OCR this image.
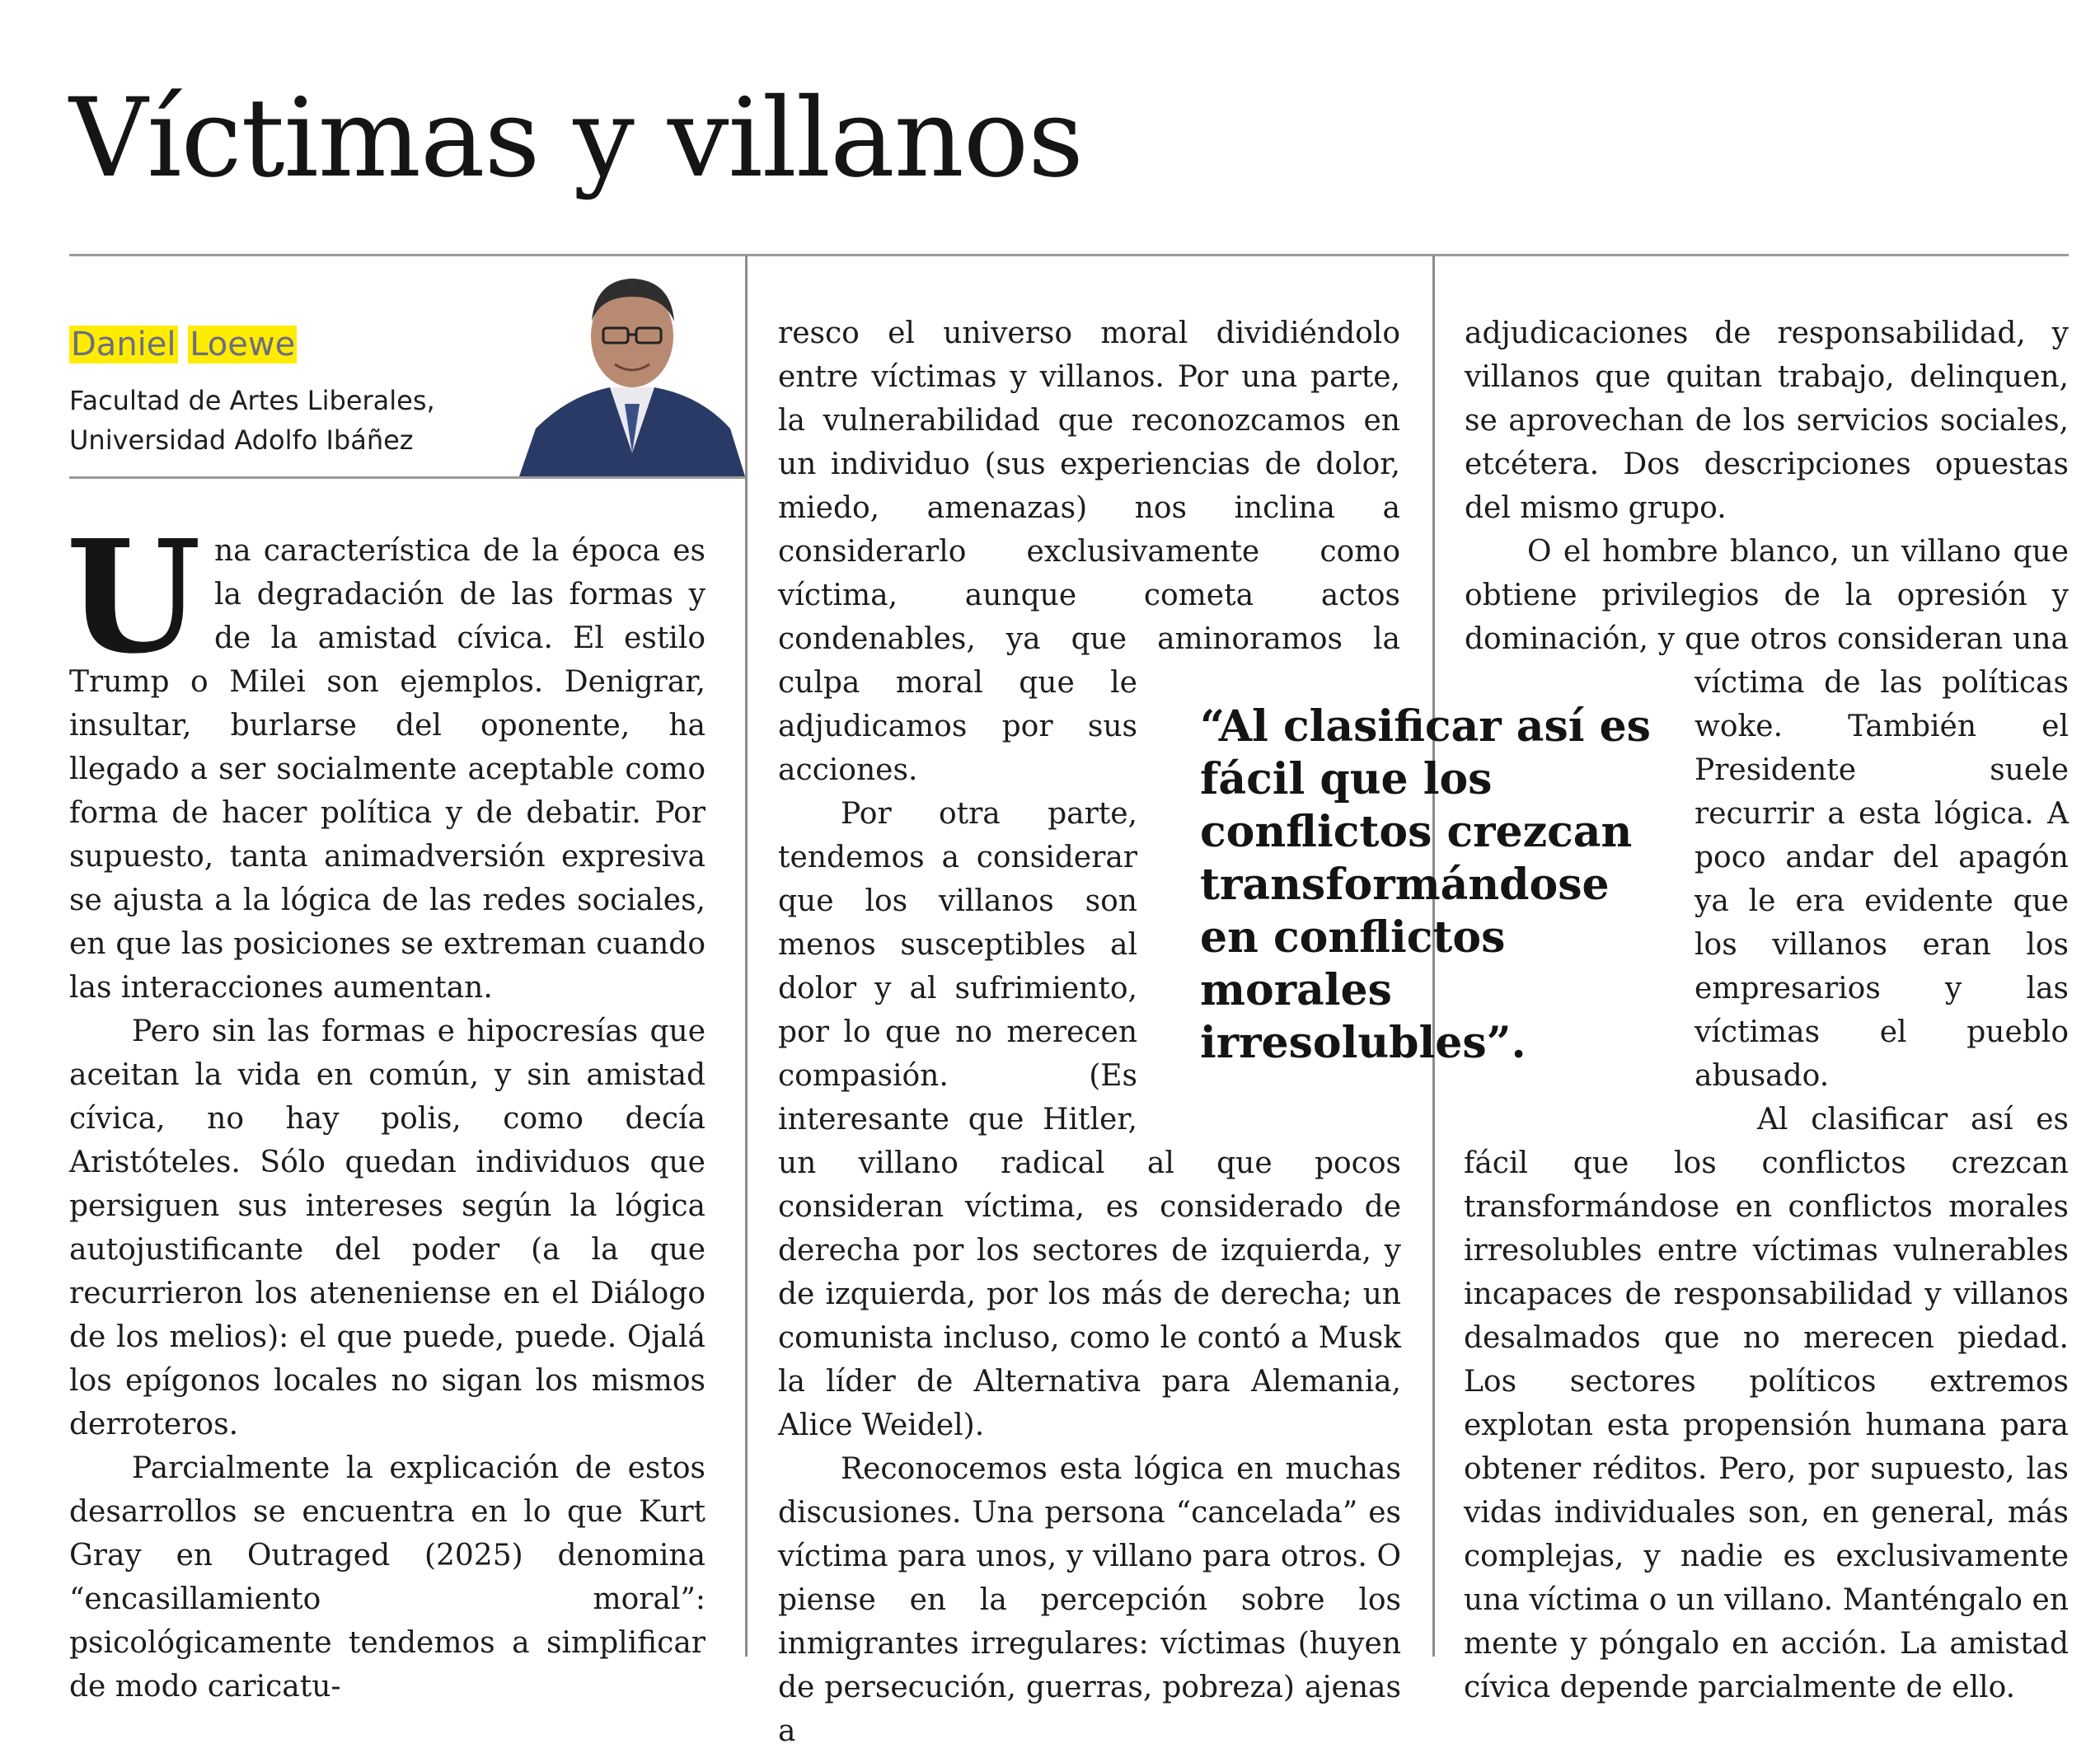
Víctimas y villanos
Daniel Loewe
Facultad de Artes Liberales,
Universidad Adolfo Ibáñez

Una característica de la época es la degradación de las formas y de la amistad cívica. El estilo Trump o Milei son ejemplos. Denigrar, insultar, burlarse del oponente, ha llegado a ser socialmente aceptable como forma de hacer política y de debatir. Por supuesto, tanta animadversión expresiva se ajusta a la lógica de las redes sociales, en que las posiciones se extreman cuando las interacciones aumentan.

Pero sin las formas e hipocresías que aceitan la vida en común, y sin amistad cívica, no hay polis, como decía Aristóteles. Sólo quedan individuos que persiguen sus intereses según la lógica autojustificante del poder (a la que recurrieron los ateneniense en el Diálogo de los melios): el que puede, puede. Ojalá los epígonos locales no sigan los mismos derroteros.

Parcialmente la explicación de estos desarrollos se encuentra en lo que Kurt Gray en Outraged (2025) denomina “encasillamiento moral”: psicológicamente tendemos a simplificar de modo caricatu-

resco el universo moral dividiéndolo entre víctimas y villanos. Por una parte, la vulnerabilidad que reconozcamos en un individuo (sus experiencias de dolor, miedo, amenazas) nos inclina a considerarlo exclusivamente como víctima, aunque cometa actos condenables, ya que aminoramos la culpa moral que le adjudicamos por sus acciones.

Por otra parte, tendemos a considerar que los villanos son menos susceptibles al dolor y al sufrimiento, por lo que no merecen compasión. (Es interesante que Hitler, un villano radical al que pocos consideran víctima, es considerado de derecha por los sectores de izquierda, y de izquierda, por los más de derecha; un comunista incluso, como le contó a Musk la líder de Alternativa para Alemania, Alice Weidel).

Reconocemos esta lógica en muchas discusiones. Una persona “cancelada” es víctima para unos, y villano para otros. O piense en la percepción sobre los inmigrantes irregulares: víctimas (huyen de persecución, guerras, pobreza) ajenas a

adjudicaciones de responsabilidad, y villanos que quitan trabajo, delinquen, se aprovechan de los servicios sociales, etcétera. Dos descripciones opuestas del mismo grupo.

O el hombre blanco, un villano que obtiene privilegios de la opresión y dominación, y que otros consideran una víctima de las políticas woke. También el Presidente suele recurrir a esta lógica. A poco andar del apagón ya le era evidente que los villanos eran los empresarios y las víctimas el pueblo abusado.

Al clasificar así es fácil que los conflictos crezcan transformándose en conflictos morales irresolubles entre víctimas vulnerables incapaces de responsabilidad y villanos desalmados que no merecen piedad. Los sectores políticos extremos explotan esta propensión humana para obtener réditos. Pero, por supuesto, las vidas individuales son, en general, más complejas, y nadie es exclusivamente una víctima o un villano. Manténgalo en mente y póngalo en acción. La amistad cívica depende parcialmente de ello.

“Al clasificar así es fácil que los conflictos crezcan transformándose en conflictos morales irresolubles”.
